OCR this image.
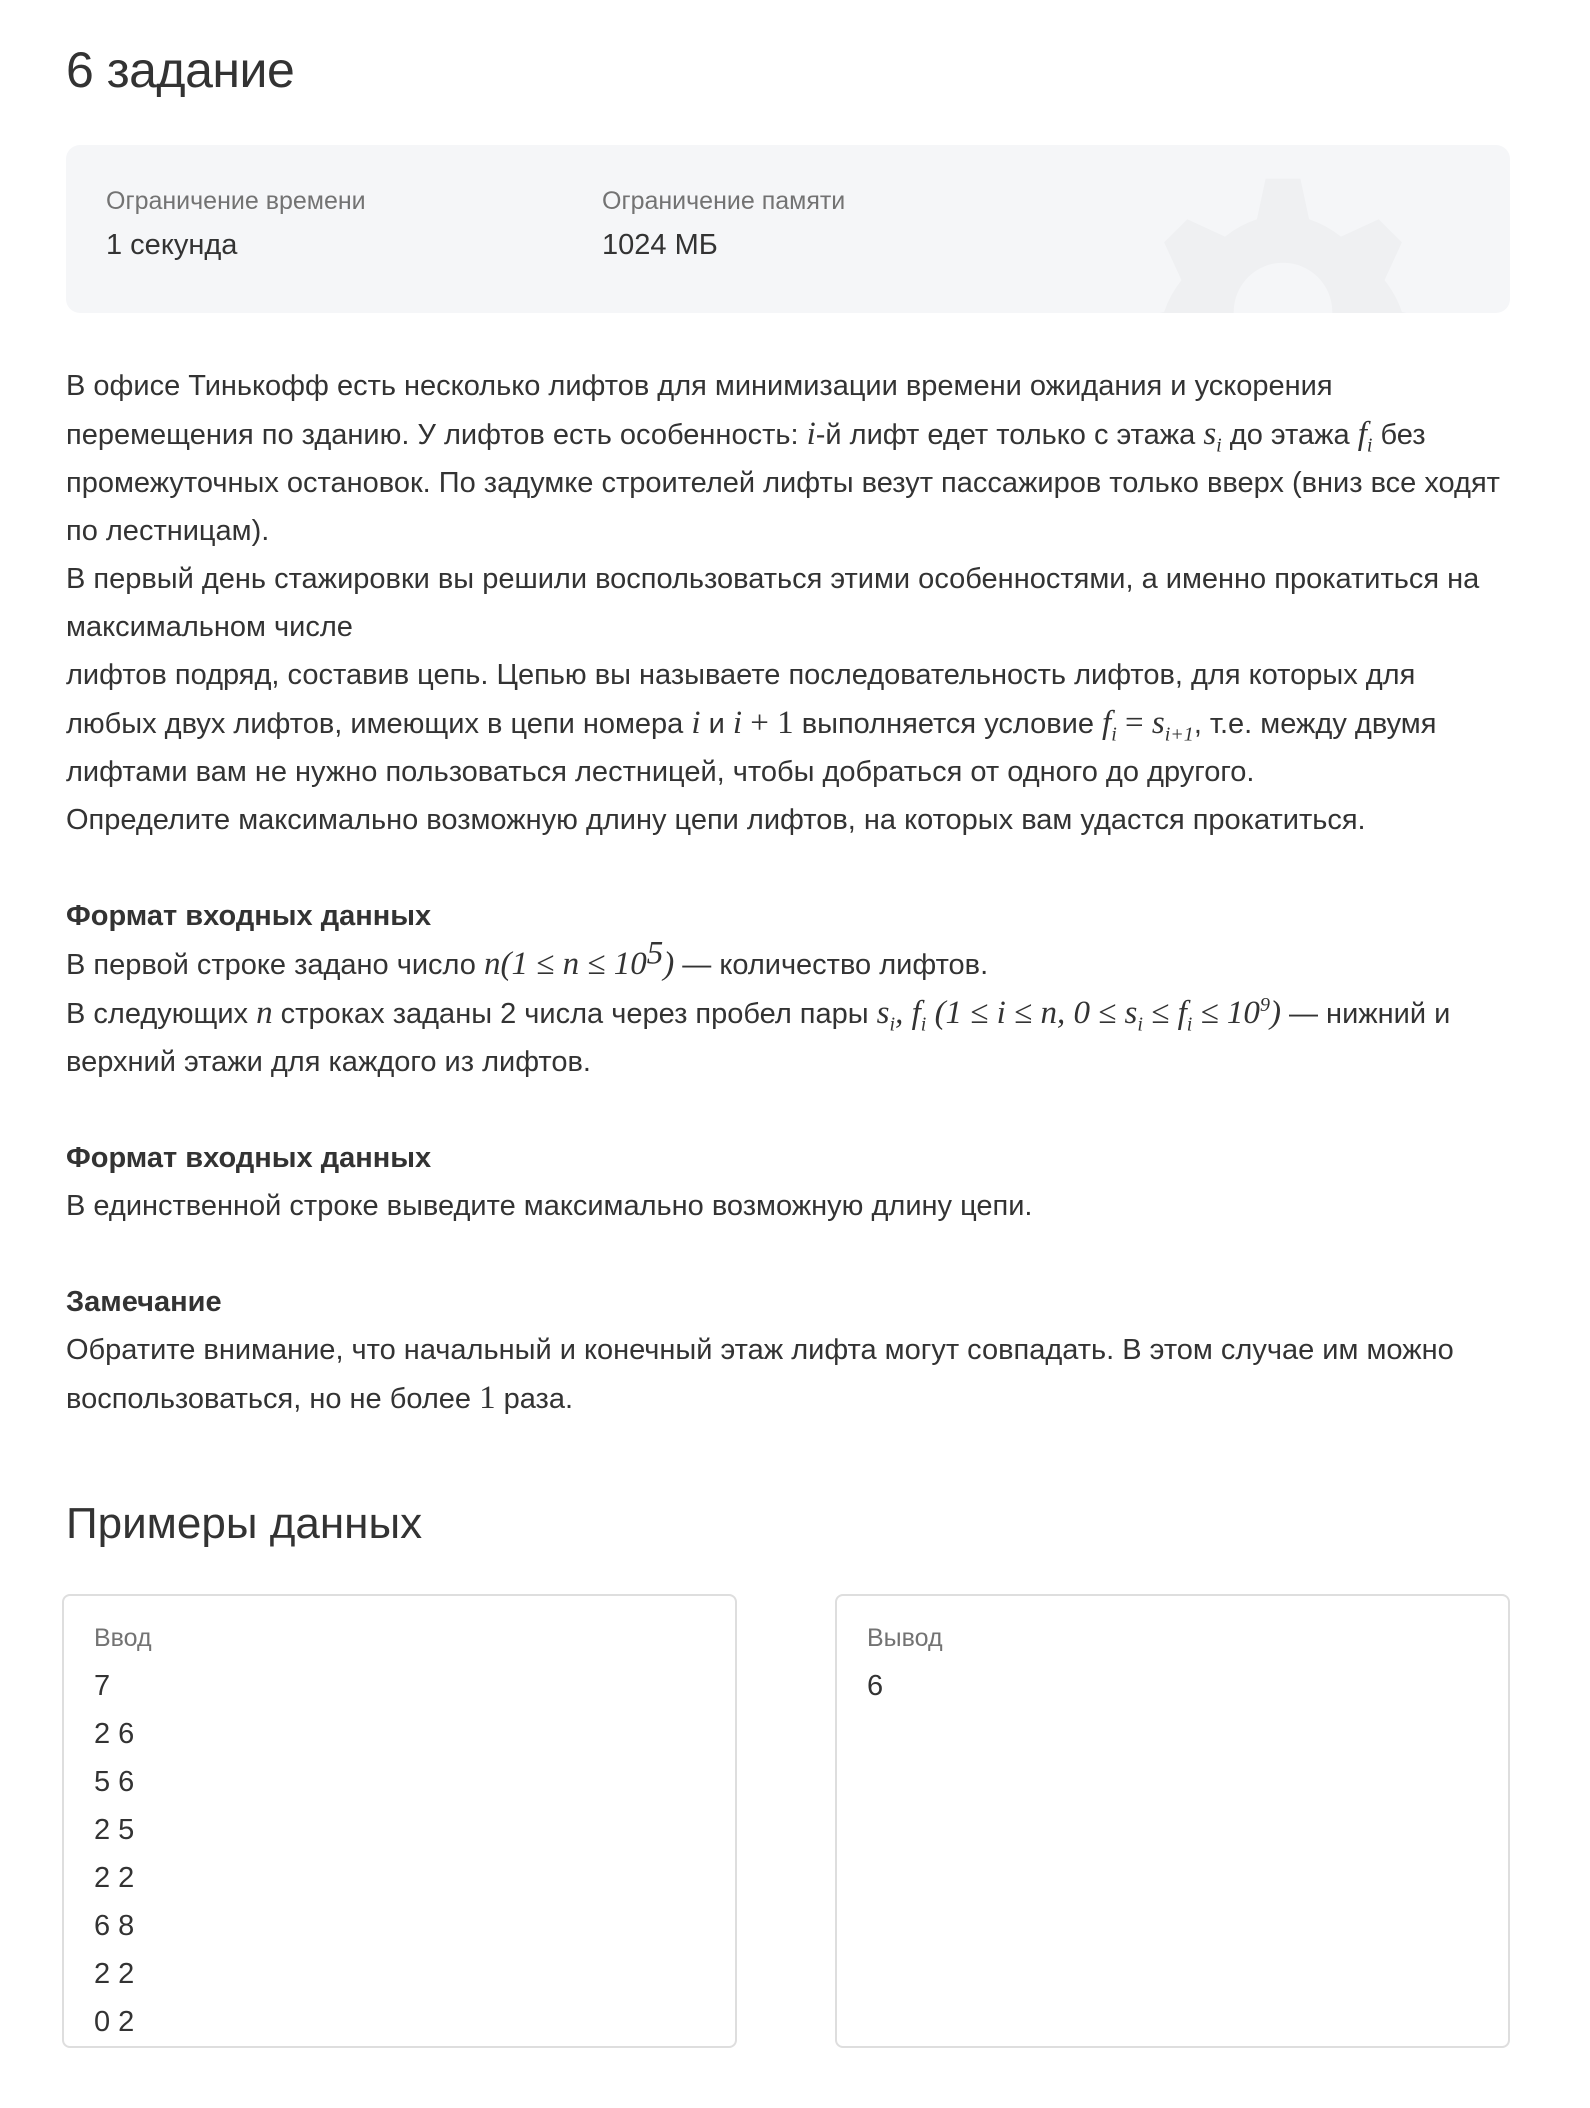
6 задание
Ограничение времени
1 секунда
Ограничение памяти
1024 МБ

В офисе Тинькофф есть несколько лифтов для минимизации времени ожидания и ускорения перемещения по зданию. У лифтов есть особенность: i-й лифт едет только с этажа $s_i$ до этажа $f_i$ без промежуточных остановок. По задумке строителей лифты везут пассажиров только вверх (вниз все ходят по лестницам).

В первый день стажировки вы решили воспользоваться этими особенностями, а именно прокатиться на максимальном числе

лифтов подряд, составив цепь. Цепью вы называете последовательность лифтов, для которых для любых двух лифтов, имеющих в цепи номера i и i + 1 выполняется условие $f_i = s_{i+1}$, т.е. между двумя лифтами вам не нужно пользоваться лестницей, чтобы добраться от одного до другого.

Определите максимально возможную длину цепи лифтов, на которых вам удастся прокатиться.

Формат входных данных

В первой строке задано число $n(1 \le n \le 10^5)$ — количество лифтов.

В следующих n строках заданы 2 числа через пробел пары $s_i$, $f_i$ (1 ≤ i ≤ n, $0 \le s_i \le f_i \le 10^9$) — нижний и верхний этажи для каждого из лифтов.

Формат входных данных

В единственной строке выведите максимально возможную длину цепи.

Замечание

Обратите внимание, что начальный и конечный этаж лифта могут совпадать. В этом случае им можно воспользоваться, но не более 1 раза.

Примеры данных
Ввод
7
2 6
5 6
2 5
2 2
6 8
2 2
0 2
Вывод
6
